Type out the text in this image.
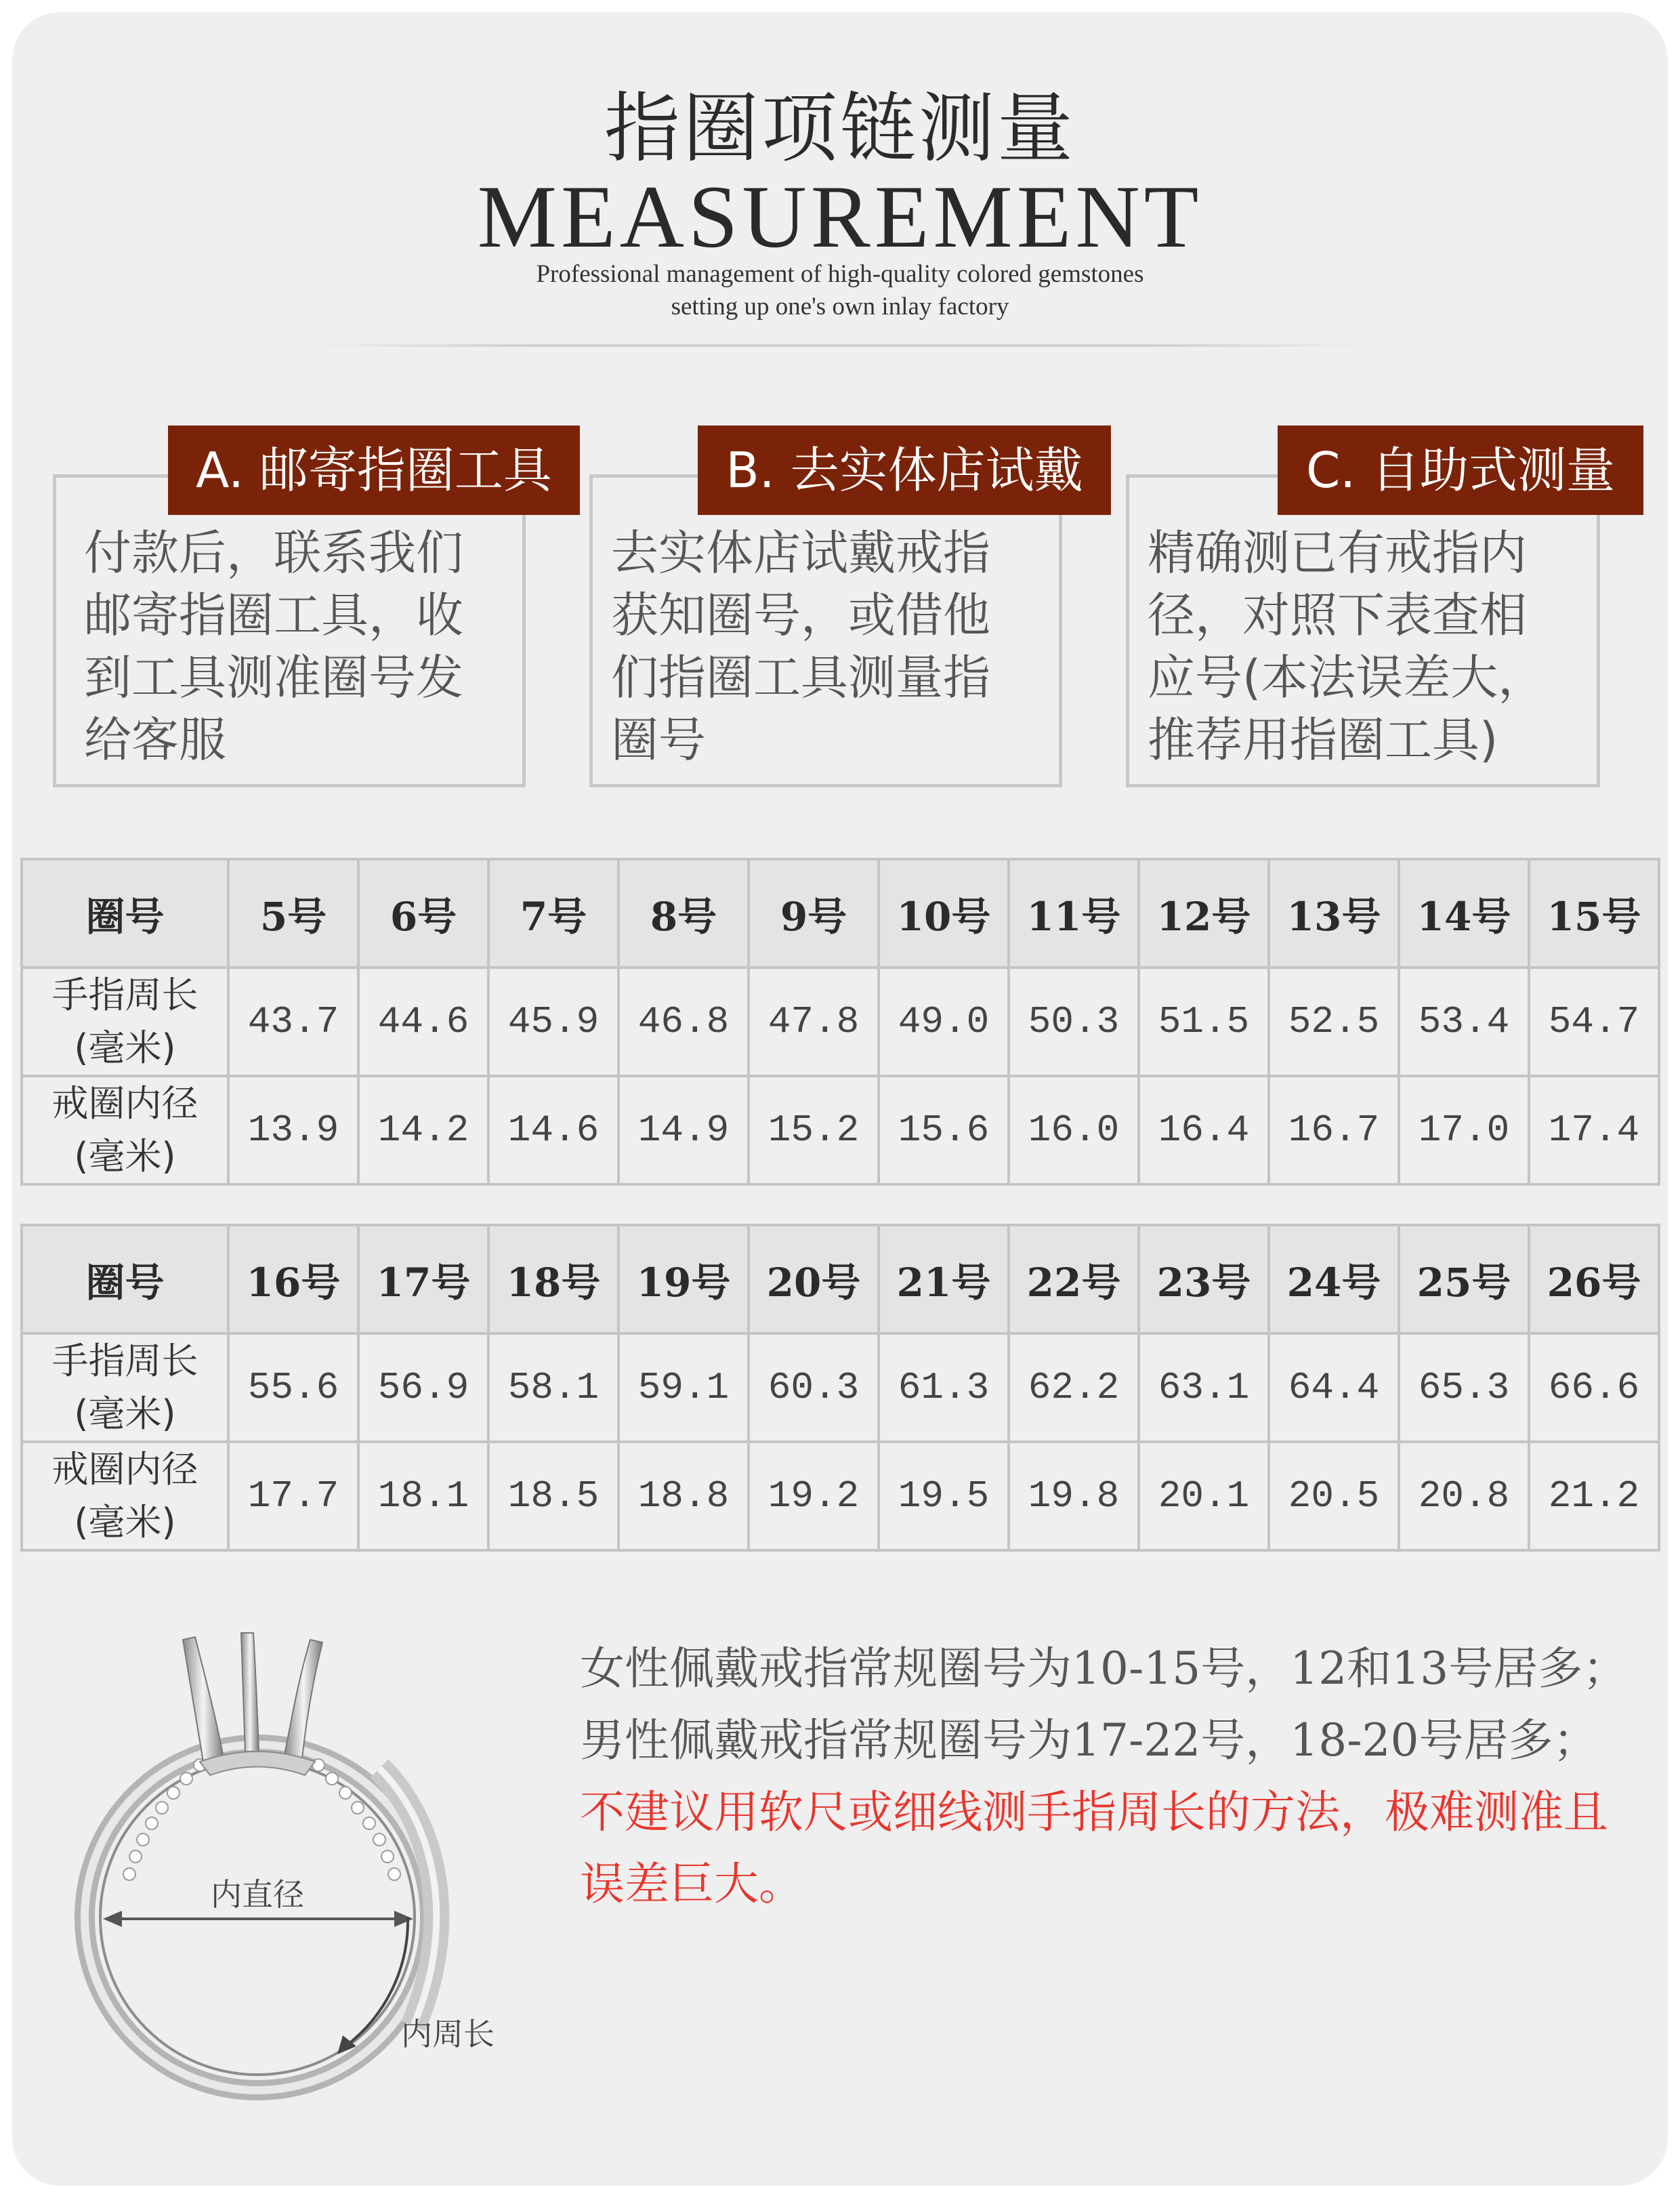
指圈项链测量
MEASUREMENT
Professional management of high-quality colored gemstones
setting up one's own inlay factory
A. 邮寄指圈工具
付款后，联系我们
邮寄指圈工具，收
到工具测准圈号发
给客服
B. 去实体店试戴
去实体店试戴戒指
获知圈号，或借他
们指圈工具测量指
圈号
C. 自助式测量
精确测已有戒指内
径，对照下表查相
应号(本法误差大，
推荐用指圈工具)
圈号	5号	6号	7号	8号	9号	10号	11号	12号	13号	14号	15号
手指周长
(毫米)	43.7	44.6	45.9	46.8	47.8	49.0	50.3	51.5	52.5	53.4	54.7
戒圈内径
(毫米)	13.9	14.2	14.6	14.9	15.2	15.6	16.0	16.4	16.7	17.0	17.4
圈号	16号	17号	18号	19号	20号	21号	22号	23号	24号	25号	26号
手指周长
(毫米)	55.6	56.9	58.1	59.1	60.3	61.3	62.2	63.1	64.4	65.3	66.6
戒圈内径
(毫米)	17.7	18.1	18.5	18.8	19.2	19.5	19.8	20.1	20.5	20.8	21.2
内直径
内周长
女性佩戴戒指常规圈号为10-15号，12和13号居多；
男性佩戴戒指常规圈号为17-22号，18-20号居多；
不建议用软尺或细线测手指周长的方法，极难测准且误差巨大。
